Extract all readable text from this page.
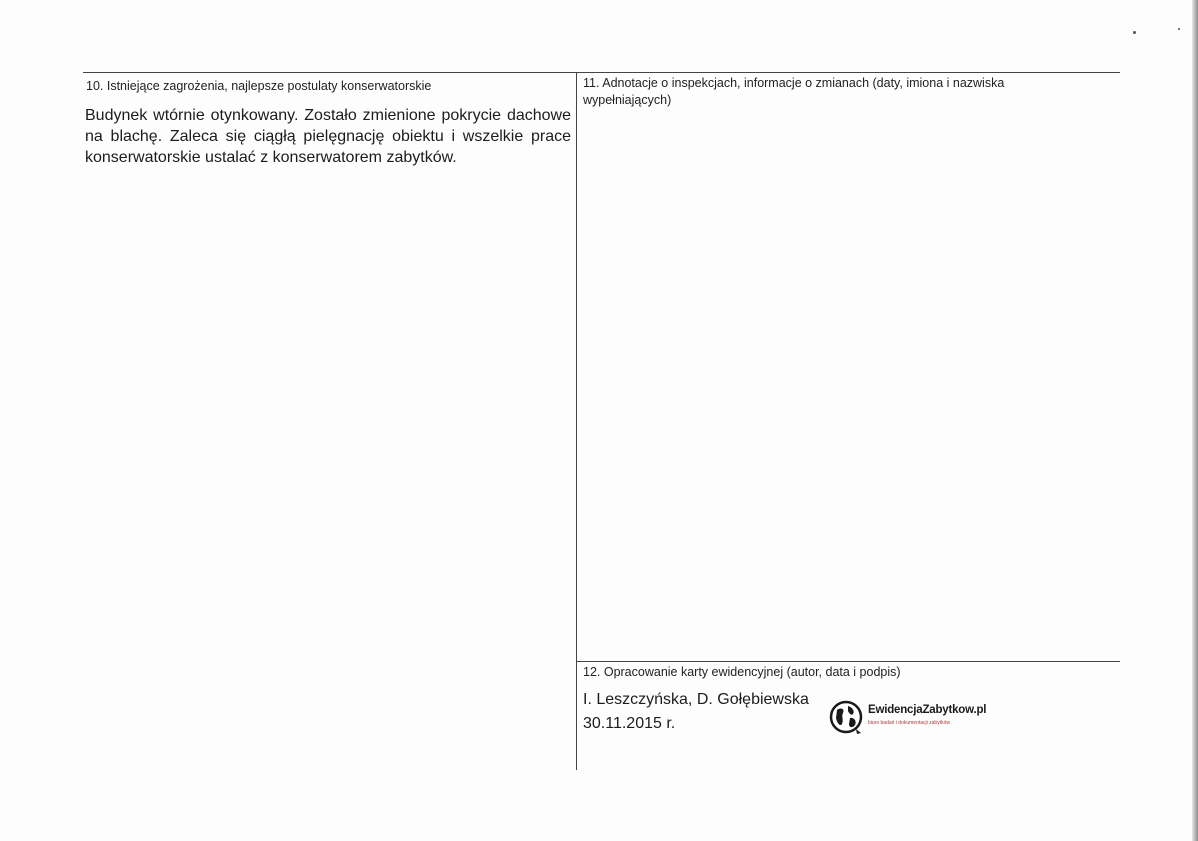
10. Istniejące zagrożenia, najlepsze postulaty konserwatorskie
Budynek wtórnie otynkowany. Zostało zmienione pokrycie dachowe na blachę. Zaleca się ciągłą pielęgnację obiektu i wszelkie prace konserwatorskie ustalać z konserwatorem zabytków.
11. Adnotacje o inspekcjach, informacje o zmianach (daty, imiona i nazwiska
wypełniających)
12. Opracowanie karty ewidencyjnej (autor, data i podpis)
I. Leszczyńska, D. Gołębiewska
30.11.2015 r.
EwidencjaZabytkow.pl
biuro badań i dokumentacji zabytków
